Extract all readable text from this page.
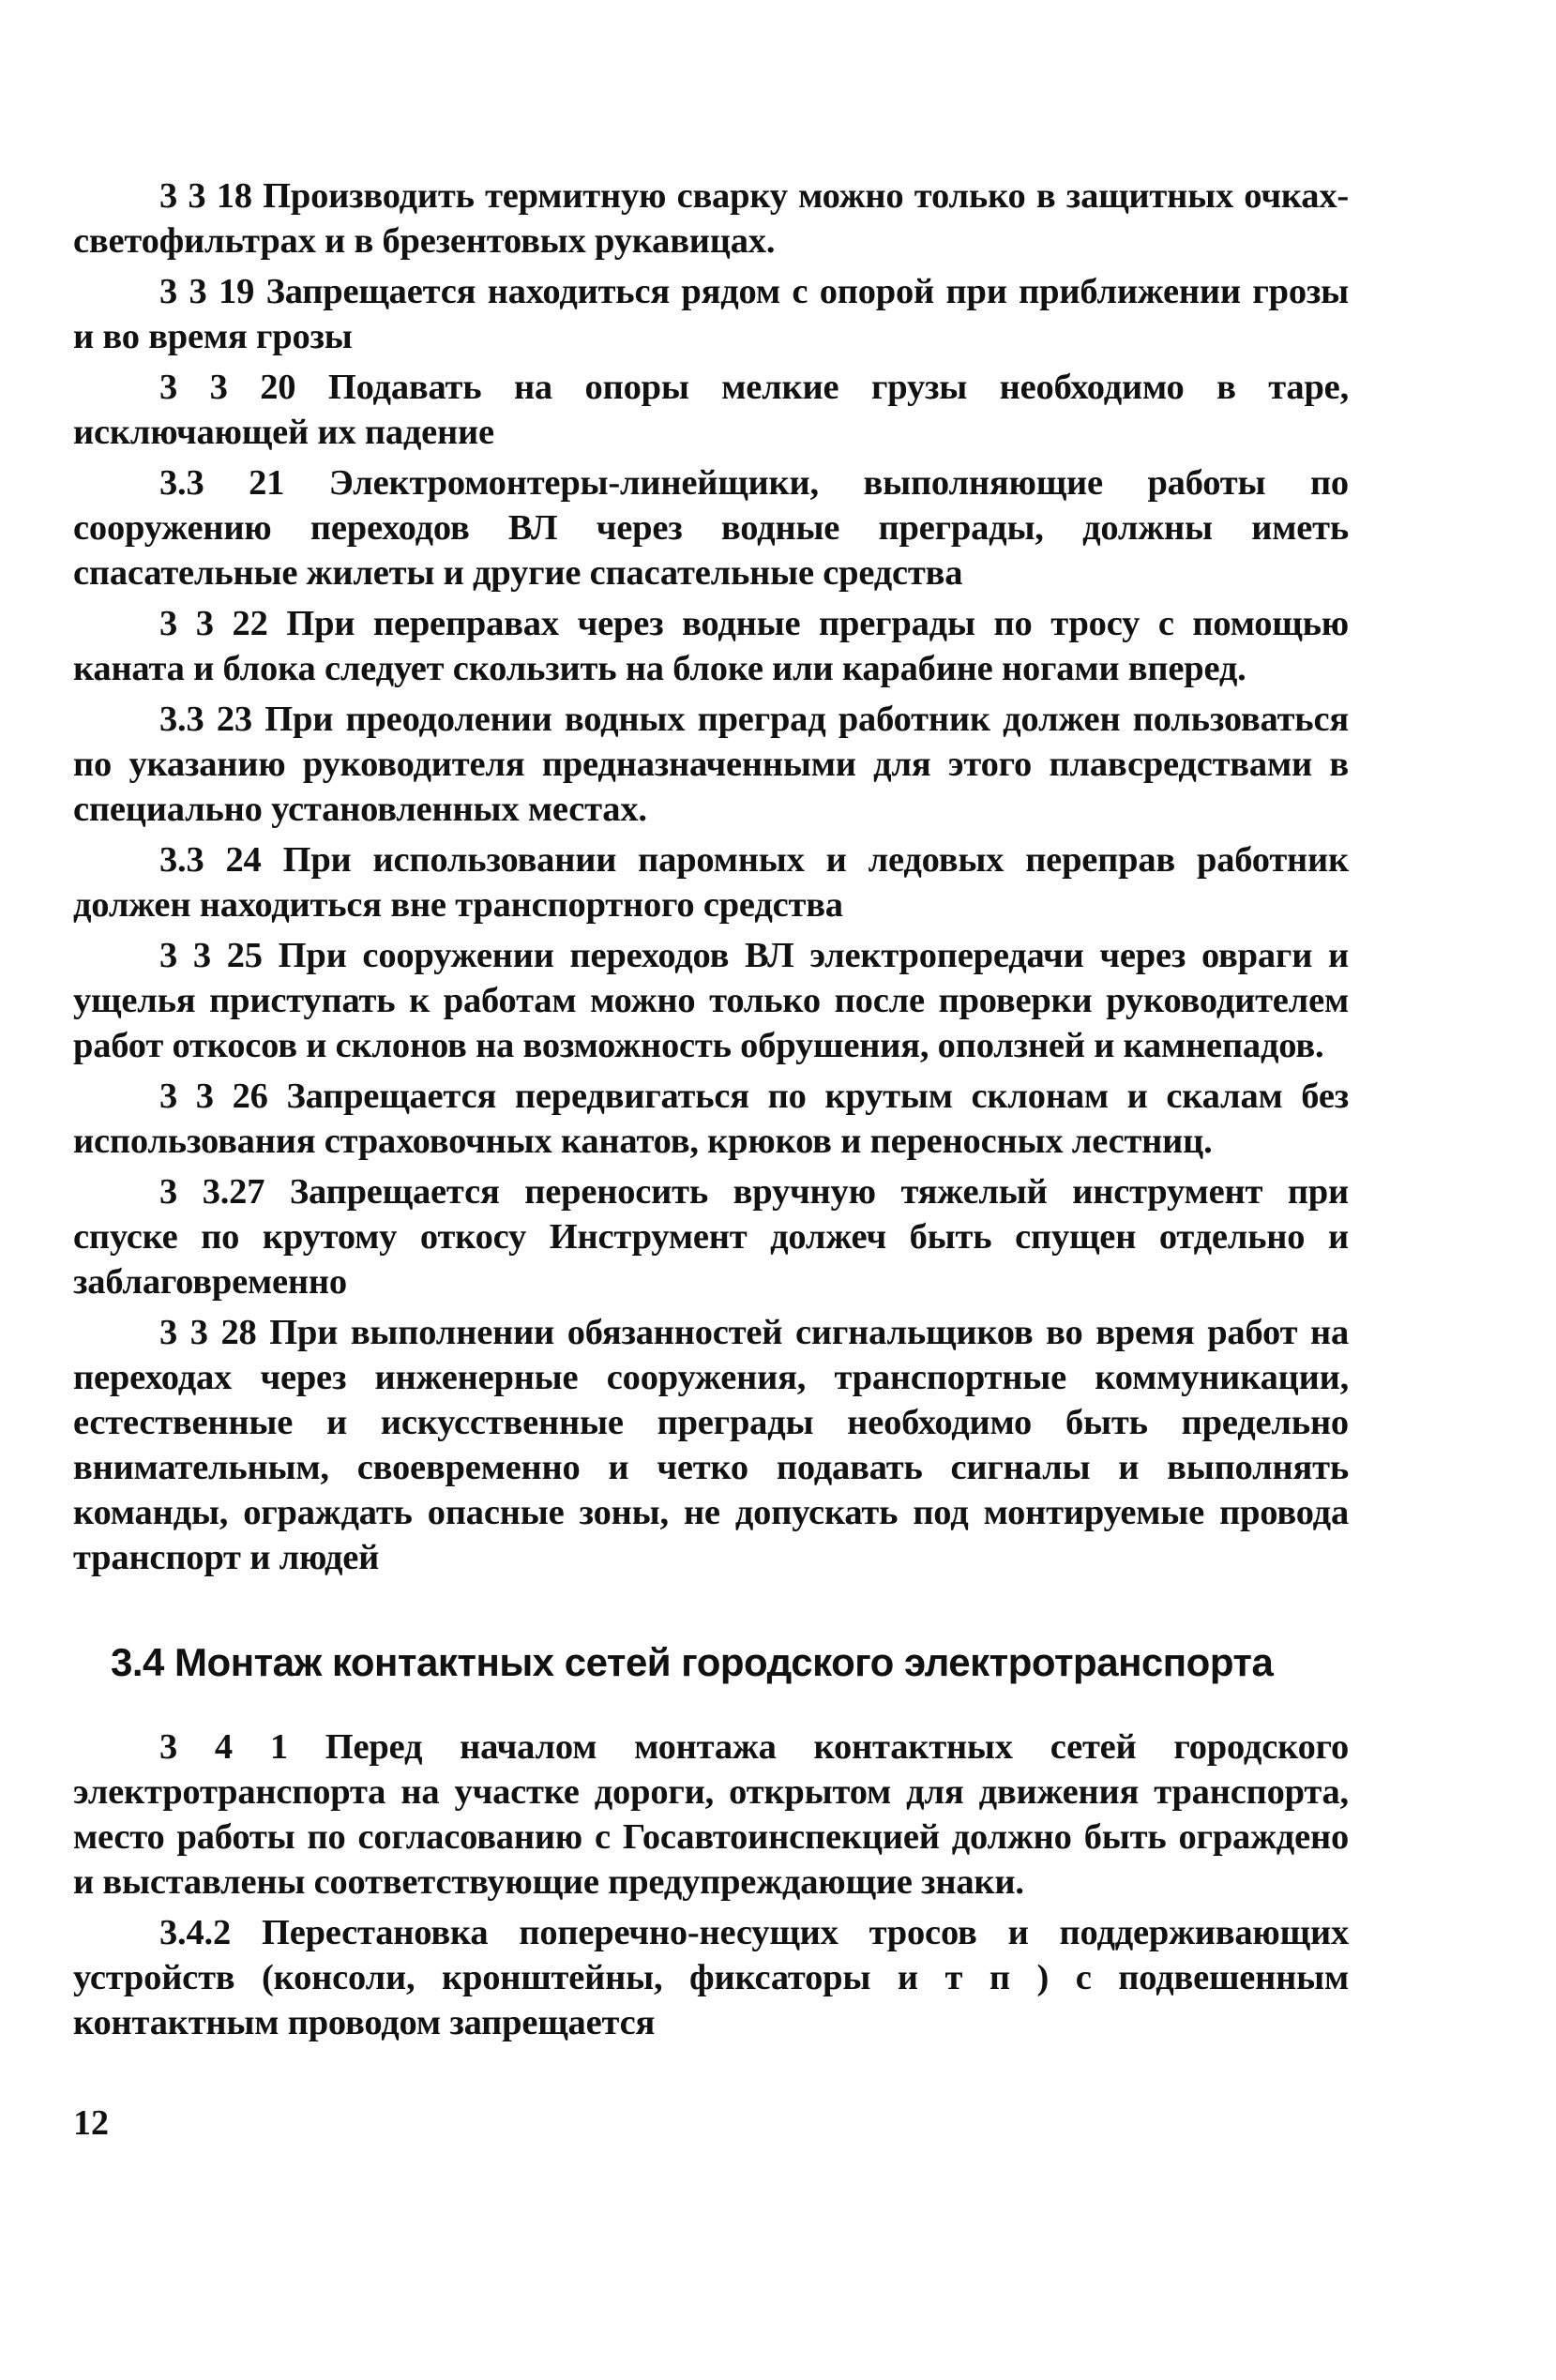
3 3 18 Производить термитную сварку можно только в защитных очках-светофильтрах и в брезентовых рукавицах.

3 3 19 Запрещается находиться рядом с опорой при приближении грозы и во время грозы

3 3 20 Подавать на опоры мелкие грузы необходимо в таре, исключающей их падение

3.3 21 Электромонтеры-линейщики, выполняющие работы по сооружению переходов ВЛ через водные преграды, должны иметь спасательные жилеты и другие спасательные средства

3 3 22 При переправах через водные преграды по тросу с помощью каната и блока следует скользить на блоке или карабине ногами вперед.

3.3 23 При преодолении водных преград работник должен пользоваться по указанию руководителя предназначенными для этого плавсредствами в специально установленных местах.

3.3 24 При использовании паромных и ледовых переправ работник должен находиться вне транспортного средства

3 3 25 При сооружении переходов ВЛ электропередачи через овраги и ущелья приступать к работам можно только после проверки руководителем работ откосов и склонов на возможность обрушения, оползней и камнепадов.

3 3 26 Запрещается передвигаться по крутым склонам и скалам без использования страховочных канатов, крюков и переносных лестниц.

3 3.27 Запрещается переносить вручную тяжелый инструмент при спуске по крутому откосу Инструмент должеч быть спущен отдельно и заблаговременно

3 3 28 При выполнении обязанностей сигнальщиков во время работ на переходах через инженерные сооружения, транспортные коммуникации, естественные и искусственные преграды необходимо быть предельно внимательным, своевременно и четко подавать сигналы и выполнять команды, ограждать опасные зоны, не допускать под монтируемые провода транспорт и людей

3.4 Монтаж контактных сетей городского электротранспорта

3 4 1 Перед началом монтажа контактных сетей городского электротранспорта на участке дороги, открытом для движения транспорта, место работы по согласованию с Госавтоинспекцией должно быть ограждено и выставлены соответствующие предупреждающие знаки.

3.4.2 Перестановка поперечно-несущих тросов и поддерживающих устройств (консоли, кронштейны, фиксаторы и т п ) с подвешенным контактным проводом запрещается

12
